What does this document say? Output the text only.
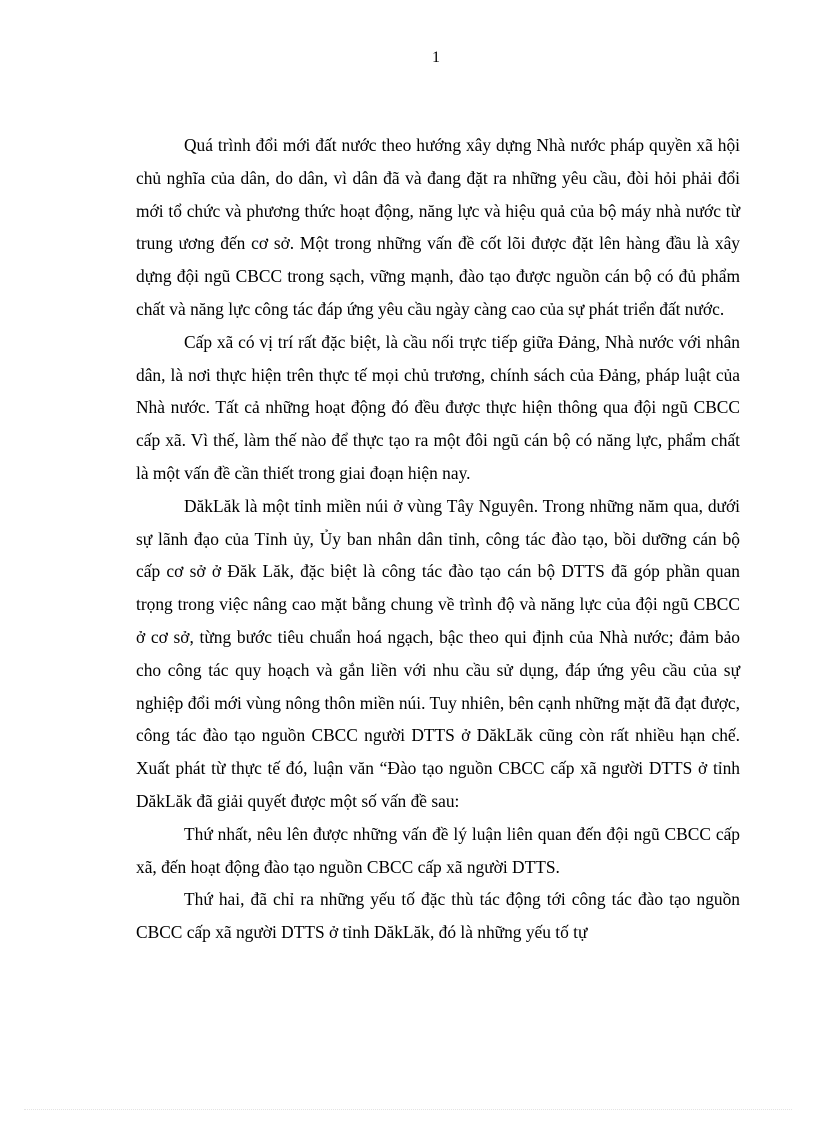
1

Quá trình đổi mới đất nước theo hướng xây dựng Nhà nước pháp quyền xã hội chủ nghĩa của dân, do dân, vì dân đã và đang đặt ra những yêu cầu, đòi hỏi phải đổi mới tổ chức và phương thức hoạt động, năng lực và hiệu quả của bộ máy nhà nước từ trung ương đến cơ sở. Một trong những vấn đề cốt lõi được đặt lên hàng đầu là xây dựng đội ngũ CBCC trong sạch, vững mạnh, đào tạo được nguồn cán bộ có đủ phẩm chất và năng lực công tác đáp ứng yêu cầu ngày càng cao của sự phát triển đất nước.

Cấp xã có vị trí rất đặc biệt, là cầu nối trực tiếp giữa Đảng, Nhà nước với nhân dân, là nơi thực hiện trên thực tế mọi chủ trương, chính sách của Đảng, pháp luật của Nhà nước. Tất cả những hoạt động đó đều được thực hiện thông qua đội ngũ CBCC cấp xã. Vì thế, làm thế nào để thực tạo ra một đôi ngũ cán bộ có năng lực, phẩm chất là một vấn đề cần thiết trong giai đoạn hiện nay.

DăkLăk là một tỉnh miền núi ở vùng Tây Nguyên. Trong những năm qua, dưới sự lãnh đạo của Tỉnh ủy, Ủy ban nhân dân tỉnh, công tác đào tạo, bồi dưỡng cán bộ cấp cơ sở ở Đăk Lăk, đặc biệt là công tác đào tạo cán bộ DTTS đã góp phần quan trọng trong việc nâng cao mặt bằng chung về trình độ và năng lực của đội ngũ CBCC ở cơ sở, từng bước tiêu chuẩn hoá ngạch, bậc theo qui định của Nhà nước; đảm bảo cho công tác quy hoạch và gắn liền với nhu cầu sử dụng, đáp ứng yêu cầu của sự nghiệp đổi mới vùng nông thôn miền núi. Tuy nhiên, bên cạnh những mặt đã đạt được, công tác đào tạo nguồn CBCC người DTTS ở DăkLăk cũng còn rất nhiều hạn chế. Xuất phát từ thực tế đó, luận văn “Đào tạo nguồn CBCC cấp xã người DTTS ở tỉnh DăkLăk đã giải quyết được một số vấn đề sau:

Thứ nhất, nêu lên được những vấn đề lý luận liên quan đến đội ngũ CBCC cấp xã, đến hoạt động đào tạo nguồn CBCC cấp xã người DTTS.

Thứ hai, đã chỉ ra những yếu tố đặc thù tác động tới công tác đào tạo nguồn CBCC cấp xã người DTTS ở tỉnh DăkLăk, đó là những yếu tố tự
